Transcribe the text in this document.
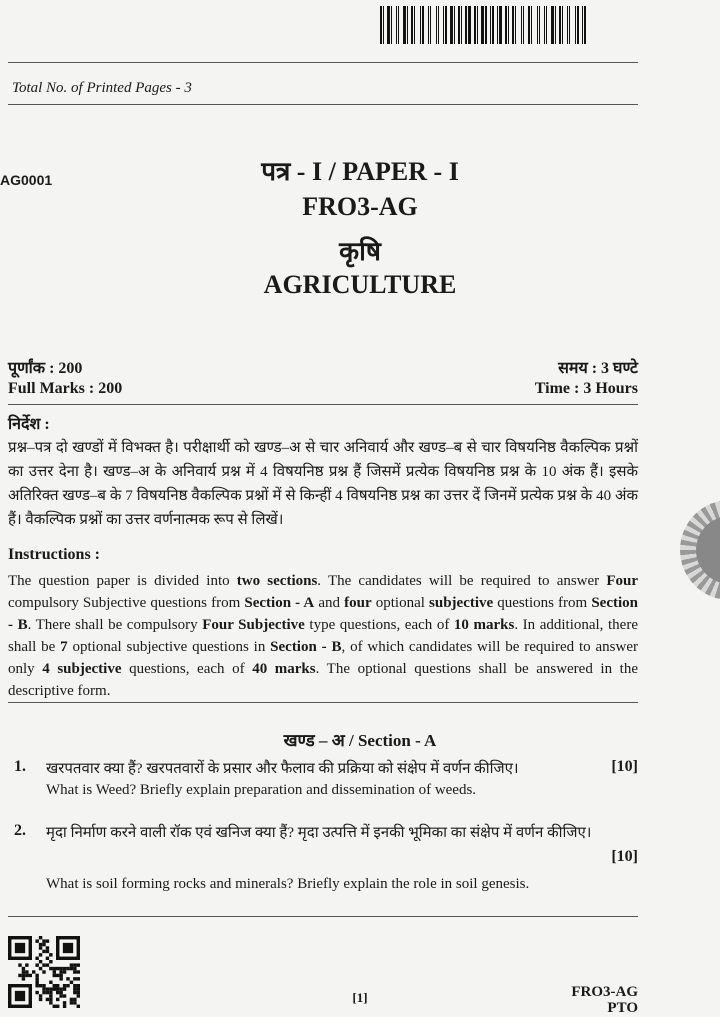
Total No. of Printed Pages - 3
AG0001	पत्र - I / PAPER - I
FRO3-AG
कृषि
AGRICULTURE
पूर्णांक : 200	समय : 3 घण्टे
Full Marks : 200	Time : 3 Hours
निर्देश :
प्रश्न–पत्र दो खण्डों में विभक्त है। परीक्षार्थी को खण्ड–अ से चार अनिवार्य और खण्ड–ब से चार विषयनिष्ठ वैकल्पिक प्रश्नों का उत्तर देना है। खण्ड–अ के अनिवार्य प्रश्न में 4 विषयनिष्ठ प्रश्न हैं जिसमें प्रत्येक विषयनिष्ठ प्रश्न के 10 अंक हैं। इसके अतिरिक्त खण्ड–ब के 7 विषयनिष्ठ वैकल्पिक प्रश्नों में से किन्हीं 4 विषयनिष्ठ प्रश्न का उत्तर दें जिनमें प्रत्येक प्रश्न के 40 अंक हैं। वैकल्पिक प्रश्नों का उत्तर वर्णनात्मक रूप से लिखें।
Instructions :
The question paper is divided into two sections. The candidates will be required to answer Four compulsory Subjective questions from Section - A and four optional subjective questions from Section - B. There shall be compulsory Four Subjective type questions, each of 10 marks. In additional, there shall be 7 optional subjective questions in Section - B, of which candidates will be required to answer only 4 subjective questions, each of 40 marks. The optional questions shall be answered in the descriptive form.
खण्ड – अ / Section - A
1. खरपतवार क्या हैं? खरपतवारों के प्रसार और फैलाव की प्रक्रिया को संक्षेप में वर्णन कीजिए।	[10]
What is Weed? Briefly explain preparation and dissemination of weeds.
2. मृदा निर्माण करने वाली रॉक एवं खनिज क्या हैं? मृदा उत्पत्ति में इनकी भूमिका का संक्षेप में वर्णन कीजिए।
[10]
What is soil forming rocks and minerals? Briefly explain the role in soil genesis.
[1]	FRO3-AG
PTO
